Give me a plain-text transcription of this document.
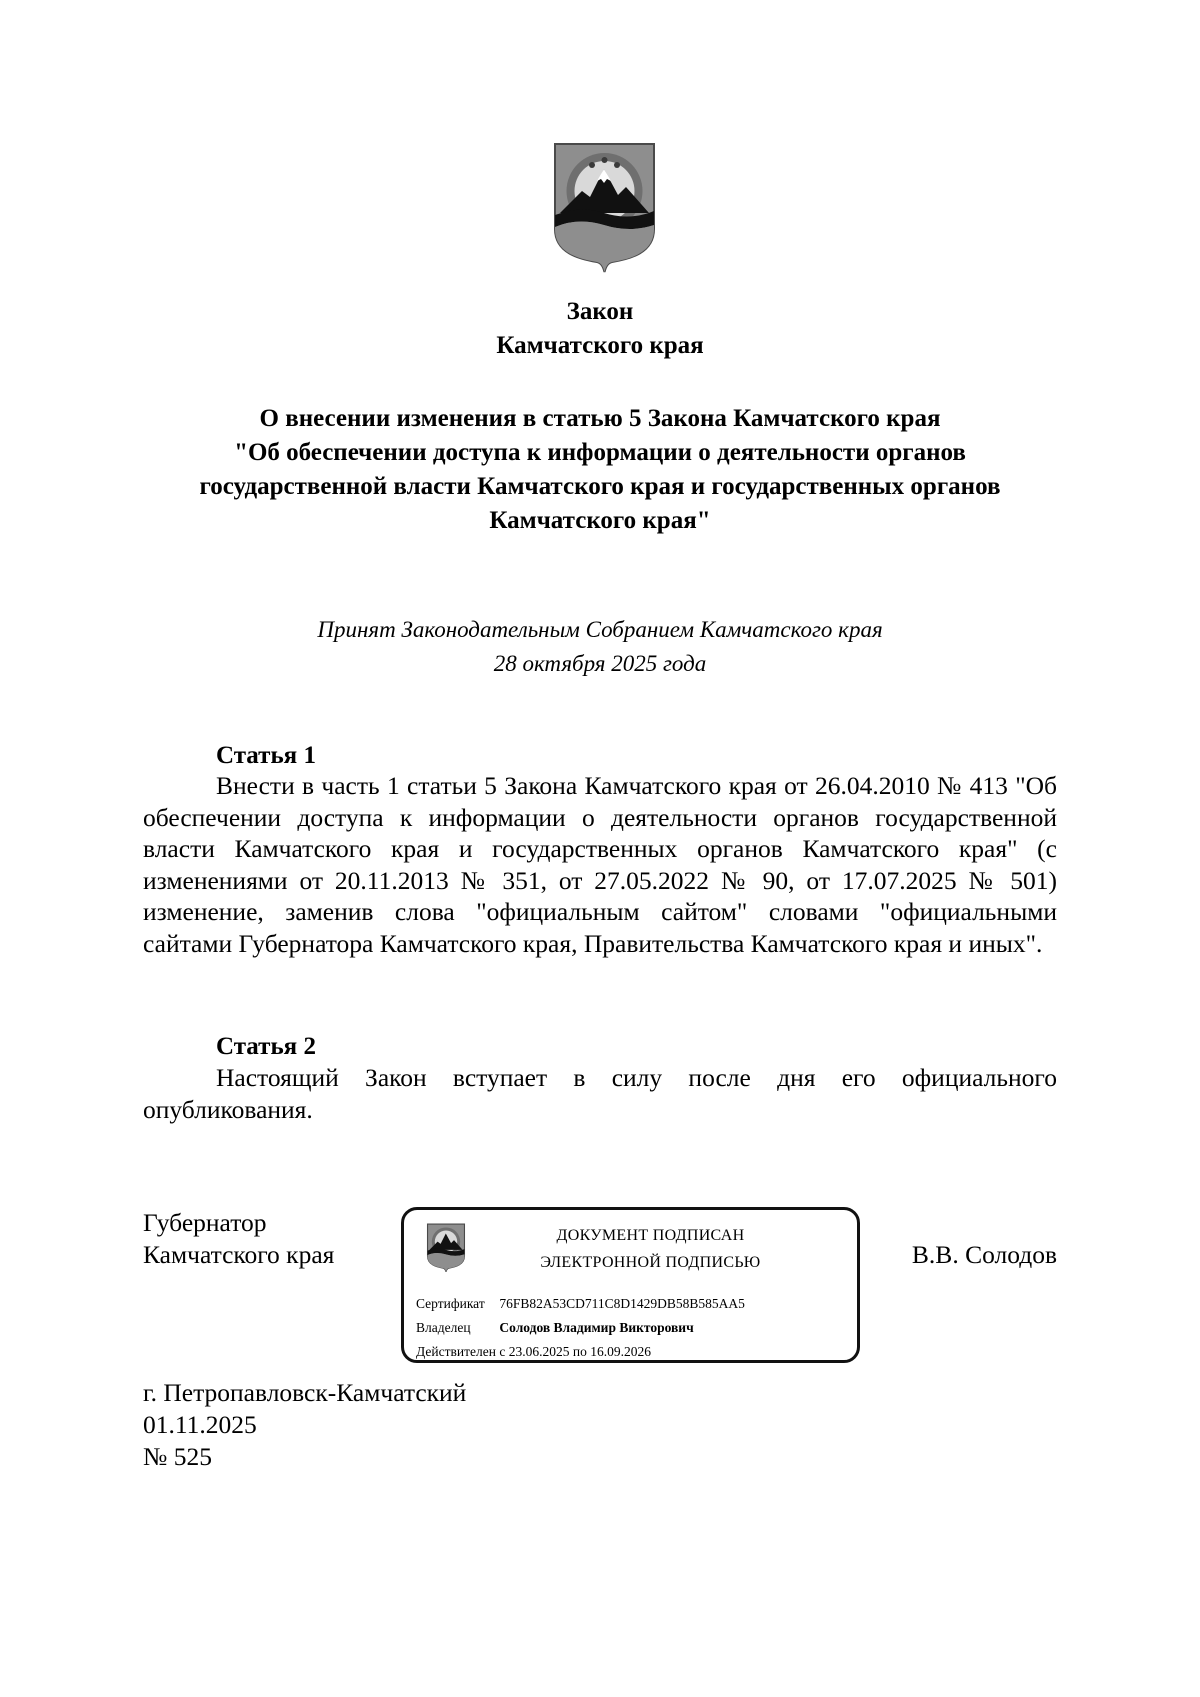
Закон
Камчатского края
О внесении изменения в статью 5 Закона Камчатского края
"Об обеспечении доступа к информации о деятельности органов
государственной власти Камчатского края и государственных органов
Камчатского края"
Принят Законодательным Собранием Камчатского края
28 октября 2025 года
Статья 1
Внести в часть 1 статьи 5 Закона Камчатского края от 26.04.2010 № 413 "Об обеспечении доступа к информации о деятельности органов государственной власти Камчатского края и государственных органов Камчатского края" (с изменениями от 20.11.2013 № 351, от 27.05.2022 № 90, от 17.07.2025 № 501) изменение, заменив слова "официальным сайтом" словами "официальными сайтами Губернатора Камчатского края, Правительства Камчатского края и иных".
Статья 2
Настоящий Закон вступает в силу после дня его официального опубликования.
Губернатор
Камчатского края
ДОКУМЕНТ ПОДПИСАН
ЭЛЕКТРОННОЙ ПОДПИСЬЮ
Сертификат 76FB82A53CD711C8D1429DB58B585AA5
Владелец Солодов Владимир Викторович
Действителен с 23.06.2025 по 16.09.2026
В.В. Солодов
г. Петропавловск-Камчатский
01.11.2025
№ 525
